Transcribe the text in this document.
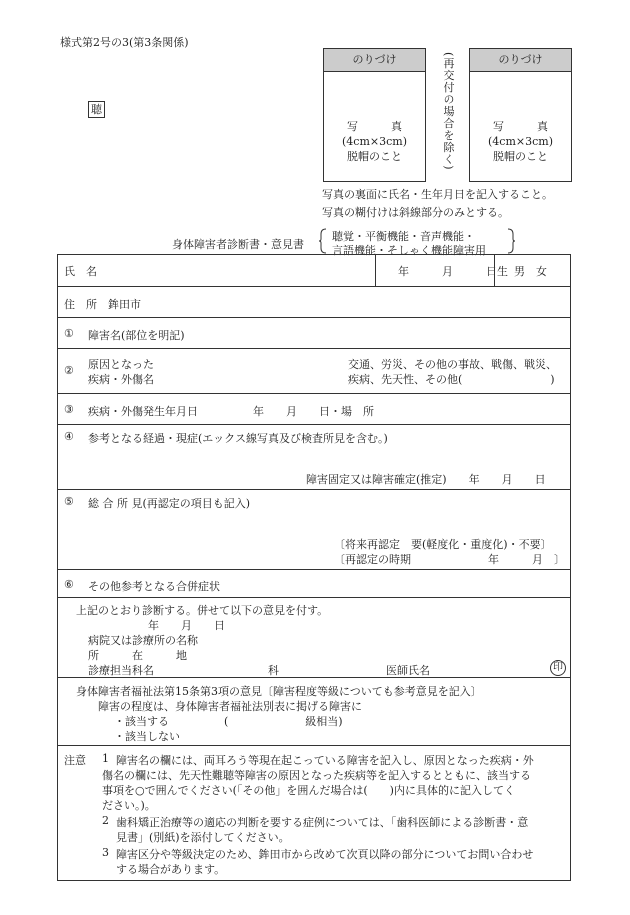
様式第2号の3(第3条関係)
聴
のりづけ
写　　　真
(4cm×3cm)
脱帽のこと	(再交付の場合を除く)	のりづけ
写　　　真
(4cm×3cm)
脱帽のこと
写真の裏面に氏名・生年月日を記入すること。
写真の糊付けは斜線部分のみとする。
身体障害者診断書・意見書
聴覚・平衡機能・音声機能・
言語機能・そしゃく機能障害用
氏　名	年　　　月　　　日生 男　女
住　所　鉾田市
① 障害名(部位を明記)
② 原因となった
疾病・外傷名
交通、労災、その他の事故、戦傷、戦災、
疾病、先天性、その他(　　　　　　　　)
③ 疾病・外傷発生年月日　　　　　年　　月　　日・場　所
④ 参考となる経過・現症(エックス線写真及び検査所見を含む。)
障害固定又は障害確定(推定)　　年　　月　　日
⑤ 総 合 所 見(再認定の項目も記入)
〔将来再認定　要(軽度化・重度化)・不要〕
〔再認定の時期　　　　　　　年　　　月　〕
⑥ その他参考となる合併症状
上記のとおり診断する。併せて以下の意見を付す。
年　　月　　日
病院又は診療所の名称
所　　　在　　　地
診療担当科名	科	医師氏名	印
身体障害者福祉法第15条第3項の意見〔障害程度等級についても参考意見を記入〕
障害の程度は、身体障害者福祉法別表に掲げる障害に
・該当する　　　　　(　　　　　　　級相当)
・該当しない
注意 1 障害名の欄には、両耳ろう等現在起こっている障害を記入し、原因となった疾病・外
傷名の欄には、先天性難聴等障害の原因となった疾病等を記入するとともに、該当する
事項を○で囲んでください(「その他」を囲んだ場合は(　　)内に具体的に記入してく
ださい。)。
2 歯科矯正治療等の適応の判断を要する症例については、「歯科医師による診断書・意
見書」(別紙)を添付してください。
3 障害区分や等級決定のため、鉾田市から改めて次頁以降の部分についてお問い合わせ
する場合があります。
